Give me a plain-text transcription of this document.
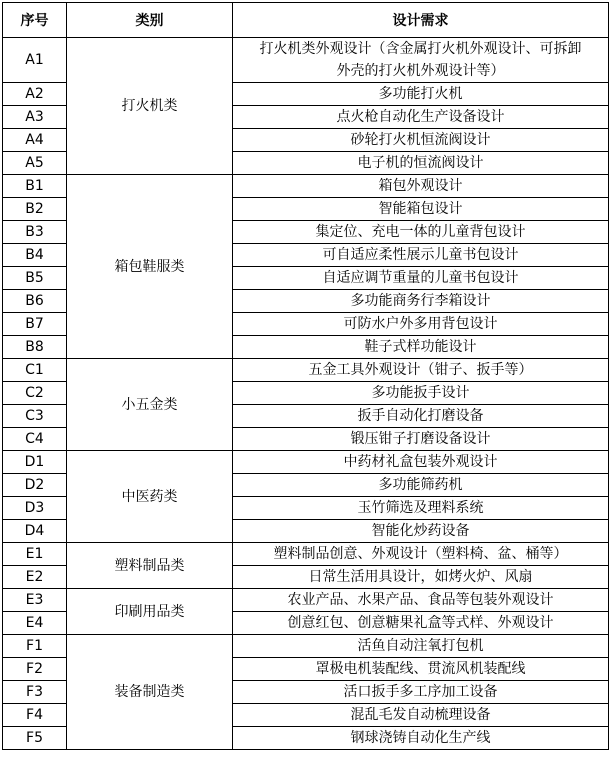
序号	类别	设计需求
A1	打火机类	打火机类外观设计（含金属打火机外观设计、可拆卸外壳的打火机外观设计等）
A2		多功能打火机
A3		点火枪自动化生产设备设计
A4		砂轮打火机恒流阀设计
A5		电子机的恒流阀设计
B1	箱包鞋服类	箱包外观设计
B2		智能箱包设计
B3		集定位、充电一体的儿童背包设计
B4		可自适应柔性展示儿童书包设计
B5		自适应调节重量的儿童书包设计
B6		多功能商务行李箱设计
B7		可防水户外多用背包设计
B8		鞋子式样功能设计
C1	小五金类	五金工具外观设计（钳子、扳手等）
C2		多功能扳手设计
C3		扳手自动化打磨设备
C4		锻压钳子打磨设备设计
D1	中医药类	中药材礼盒包装外观设计
D2		多功能筛药机
D3		玉竹筛选及理料系统
D4		智能化炒药设备
E1	塑料制品类	塑料制品创意、外观设计（塑料椅、盆、桶等）
E2		日常生活用具设计，如烤火炉、风扇
E3	印刷用品类	农业产品、水果产品、食品等包装外观设计
E4		创意红包、创意糖果礼盒等式样、外观设计
F1	装备制造类	活鱼自动注氧打包机
F2		罩极电机装配线、贯流风机装配线
F3		活口扳手多工序加工设备
F4		混乱毛发自动梳理设备
F5		钢球浇铸自动化生产线
